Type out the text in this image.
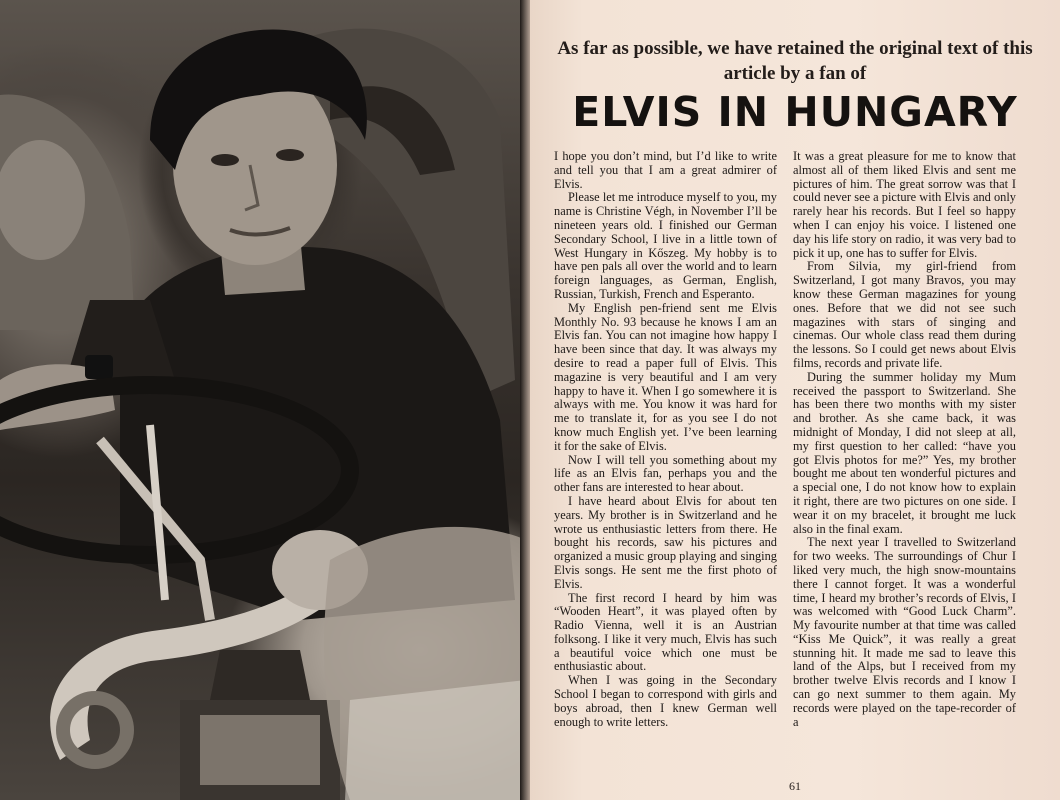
As far as possible, we have retained the original text of this article by a fan of
ELVIS IN HUNGARY

I hope you don’t mind, but I’d like to write and tell you that I am a great admirer of Elvis.

Please let me introduce myself to you, my name is Christine Végh, in November I’ll be nineteen years old. I finished our German Secondary School, I live in a little town of West Hungary in Kőszeg. My hobby is to have pen pals all over the world and to learn foreign languages, as German, English, Russian, Turkish, French and Esperanto.

My English pen-friend sent me Elvis Monthly No. 93 because he knows I am an Elvis fan. You can not imagine how happy I have been since that day. It was always my desire to read a paper full of Elvis. This magazine is very beautiful and I am very happy to have it. When I go somewhere it is always with me. You know it was hard for me to translate it, for as you see I do not know much English yet. I’ve been learning it for the sake of Elvis.

Now I will tell you something about my life as an Elvis fan, perhaps you and the other fans are interested to hear about.

I have heard about Elvis for about ten years. My brother is in Switzerland and he wrote us enthusiastic letters from there. He bought his records, saw his pictures and organized a music group playing and singing Elvis songs. He sent me the first photo of Elvis.

The first record I heard by him was “Wooden Heart”, it was played often by Radio Vienna, well it is an Austrian folksong. I like it very much, Elvis has such a beautiful voice which one must be enthusiastic about.

When I was going in the Secondary School I began to correspond with girls and boys abroad, then I knew German well enough to write letters.

It was a great pleasure for me to know that almost all of them liked Elvis and sent me pictures of him. The great sorrow was that I could never see a picture with Elvis and only rarely hear his records. But I feel so happy when I can enjoy his voice. I listened one day his life story on radio, it was very bad to pick it up, one has to suffer for Elvis.

From Silvia, my girl-friend from Switzerland, I got many Bravos, you may know these German magazines for young ones. Before that we did not see such magazines with stars of singing and cinemas. Our whole class read them during the lessons. So I could get news about Elvis films, records and private life.

During the summer holiday my Mum received the passport to Switzerland. She has been there two months with my sister and brother. As she came back, it was midnight of Monday, I did not sleep at all, my first question to her called: “have you got Elvis photos for me?” Yes, my brother bought me about ten wonderful pictures and a special one, I do not know how to explain it right, there are two pictures on one side. I wear it on my bracelet, it brought me luck also in the final exam.

The next year I travelled to Switzerland for two weeks. The surroundings of Chur I liked very much, the high snow-mountains there I cannot forget. It was a wonderful time, I heard my brother’s records of Elvis, I was welcomed with “Good Luck Charm”. My favourite number at that time was called “Kiss Me Quick”, it was really a great stunning hit. It made me sad to leave this land of the Alps, but I received from my brother twelve Elvis records and I know I can go next summer to them again. My records were played on the tape-recorder of a

61
